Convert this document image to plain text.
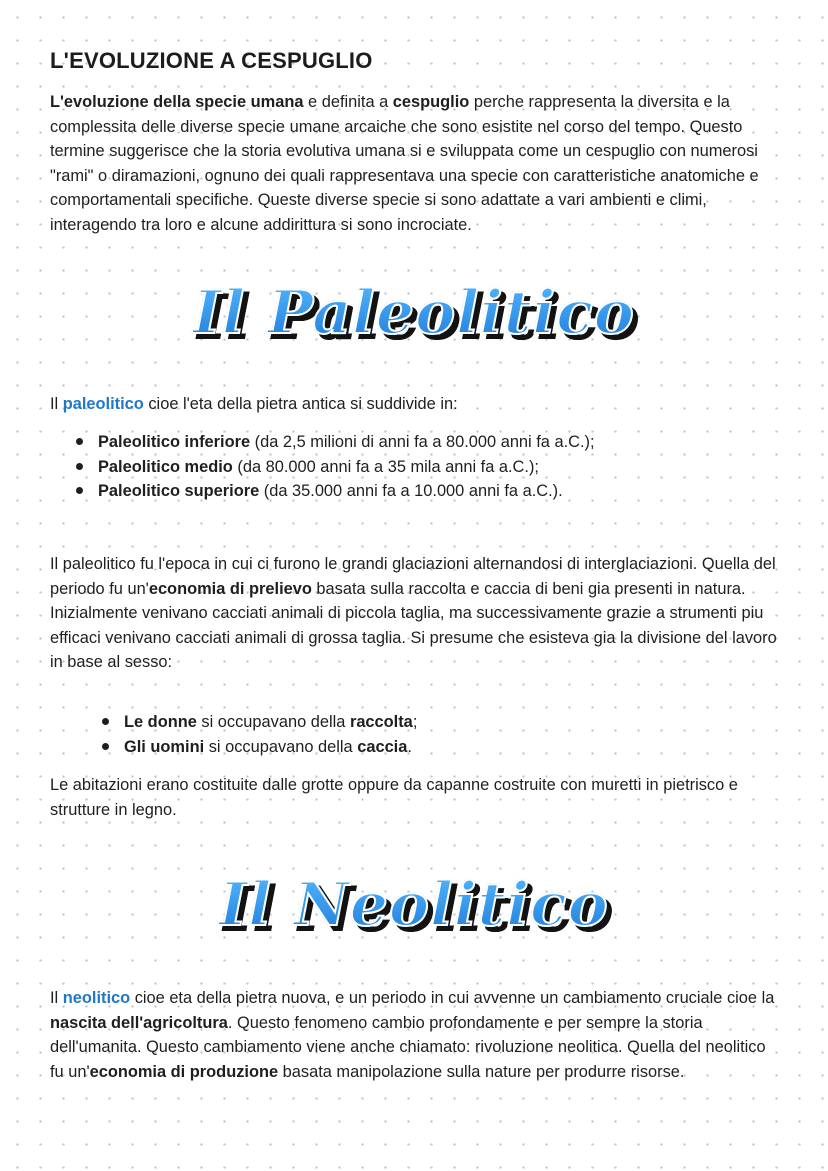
L'EVOLUZIONE A CESPUGLIO

L'evoluzione della specie umana e definita a cespuglio perche rappresenta la diversita e la complessita delle diverse specie umane arcaiche che sono esistite nel corso del tempo. Questo termine suggerisce che la storia evolutiva umana si e sviluppata come un cespuglio con numerosi "rami" o diramazioni, ognuno dei quali rappresentava una specie con caratteristiche anatomiche e comportamentali specifiche. Queste diverse specie si sono adattate a vari ambienti e climi, interagendo tra loro e alcune addirittura si sono incrociate.

Il Paleolitico

Il paleolitico cioe l'eta della pietra antica si suddivide in:

Paleolitico inferiore (da 2,5 milioni di anni fa a 80.000 anni fa a.C.);
Paleolitico medio (da 80.000 anni fa a 35 mila anni fa a.C.);
Paleolitico superiore (da 35.000 anni fa a 10.000 anni fa a.C.).

Il paleolitico fu l'epoca in cui ci furono le grandi glaciazioni alternandosi di interglaciazioni. Quella del periodo fu un'economia di prelievo basata sulla raccolta e caccia di beni gia presenti in natura. Inizialmente venivano cacciati animali di piccola taglia, ma successivamente grazie a strumenti piu efficaci venivano cacciati animali di grossa taglia. Si presume che esisteva gia la divisione del lavoro in base al sesso:

Le donne si occupavano della raccolta;
Gli uomini si occupavano della caccia.

Le abitazioni erano costituite dalle grotte oppure da capanne costruite con muretti in pietrisco e strutture in legno.

Il Neolitico

Il neolitico cioe eta della pietra nuova, e un periodo in cui avvenne un cambiamento cruciale cioe la nascita dell'agricoltura. Questo fenomeno cambio profondamente e per sempre la storia dell'umanita. Questo cambiamento viene anche chiamato: rivoluzione neolitica. Quella del neolitico fu un'economia di produzione basata manipolazione sulla nature per produrre risorse.
